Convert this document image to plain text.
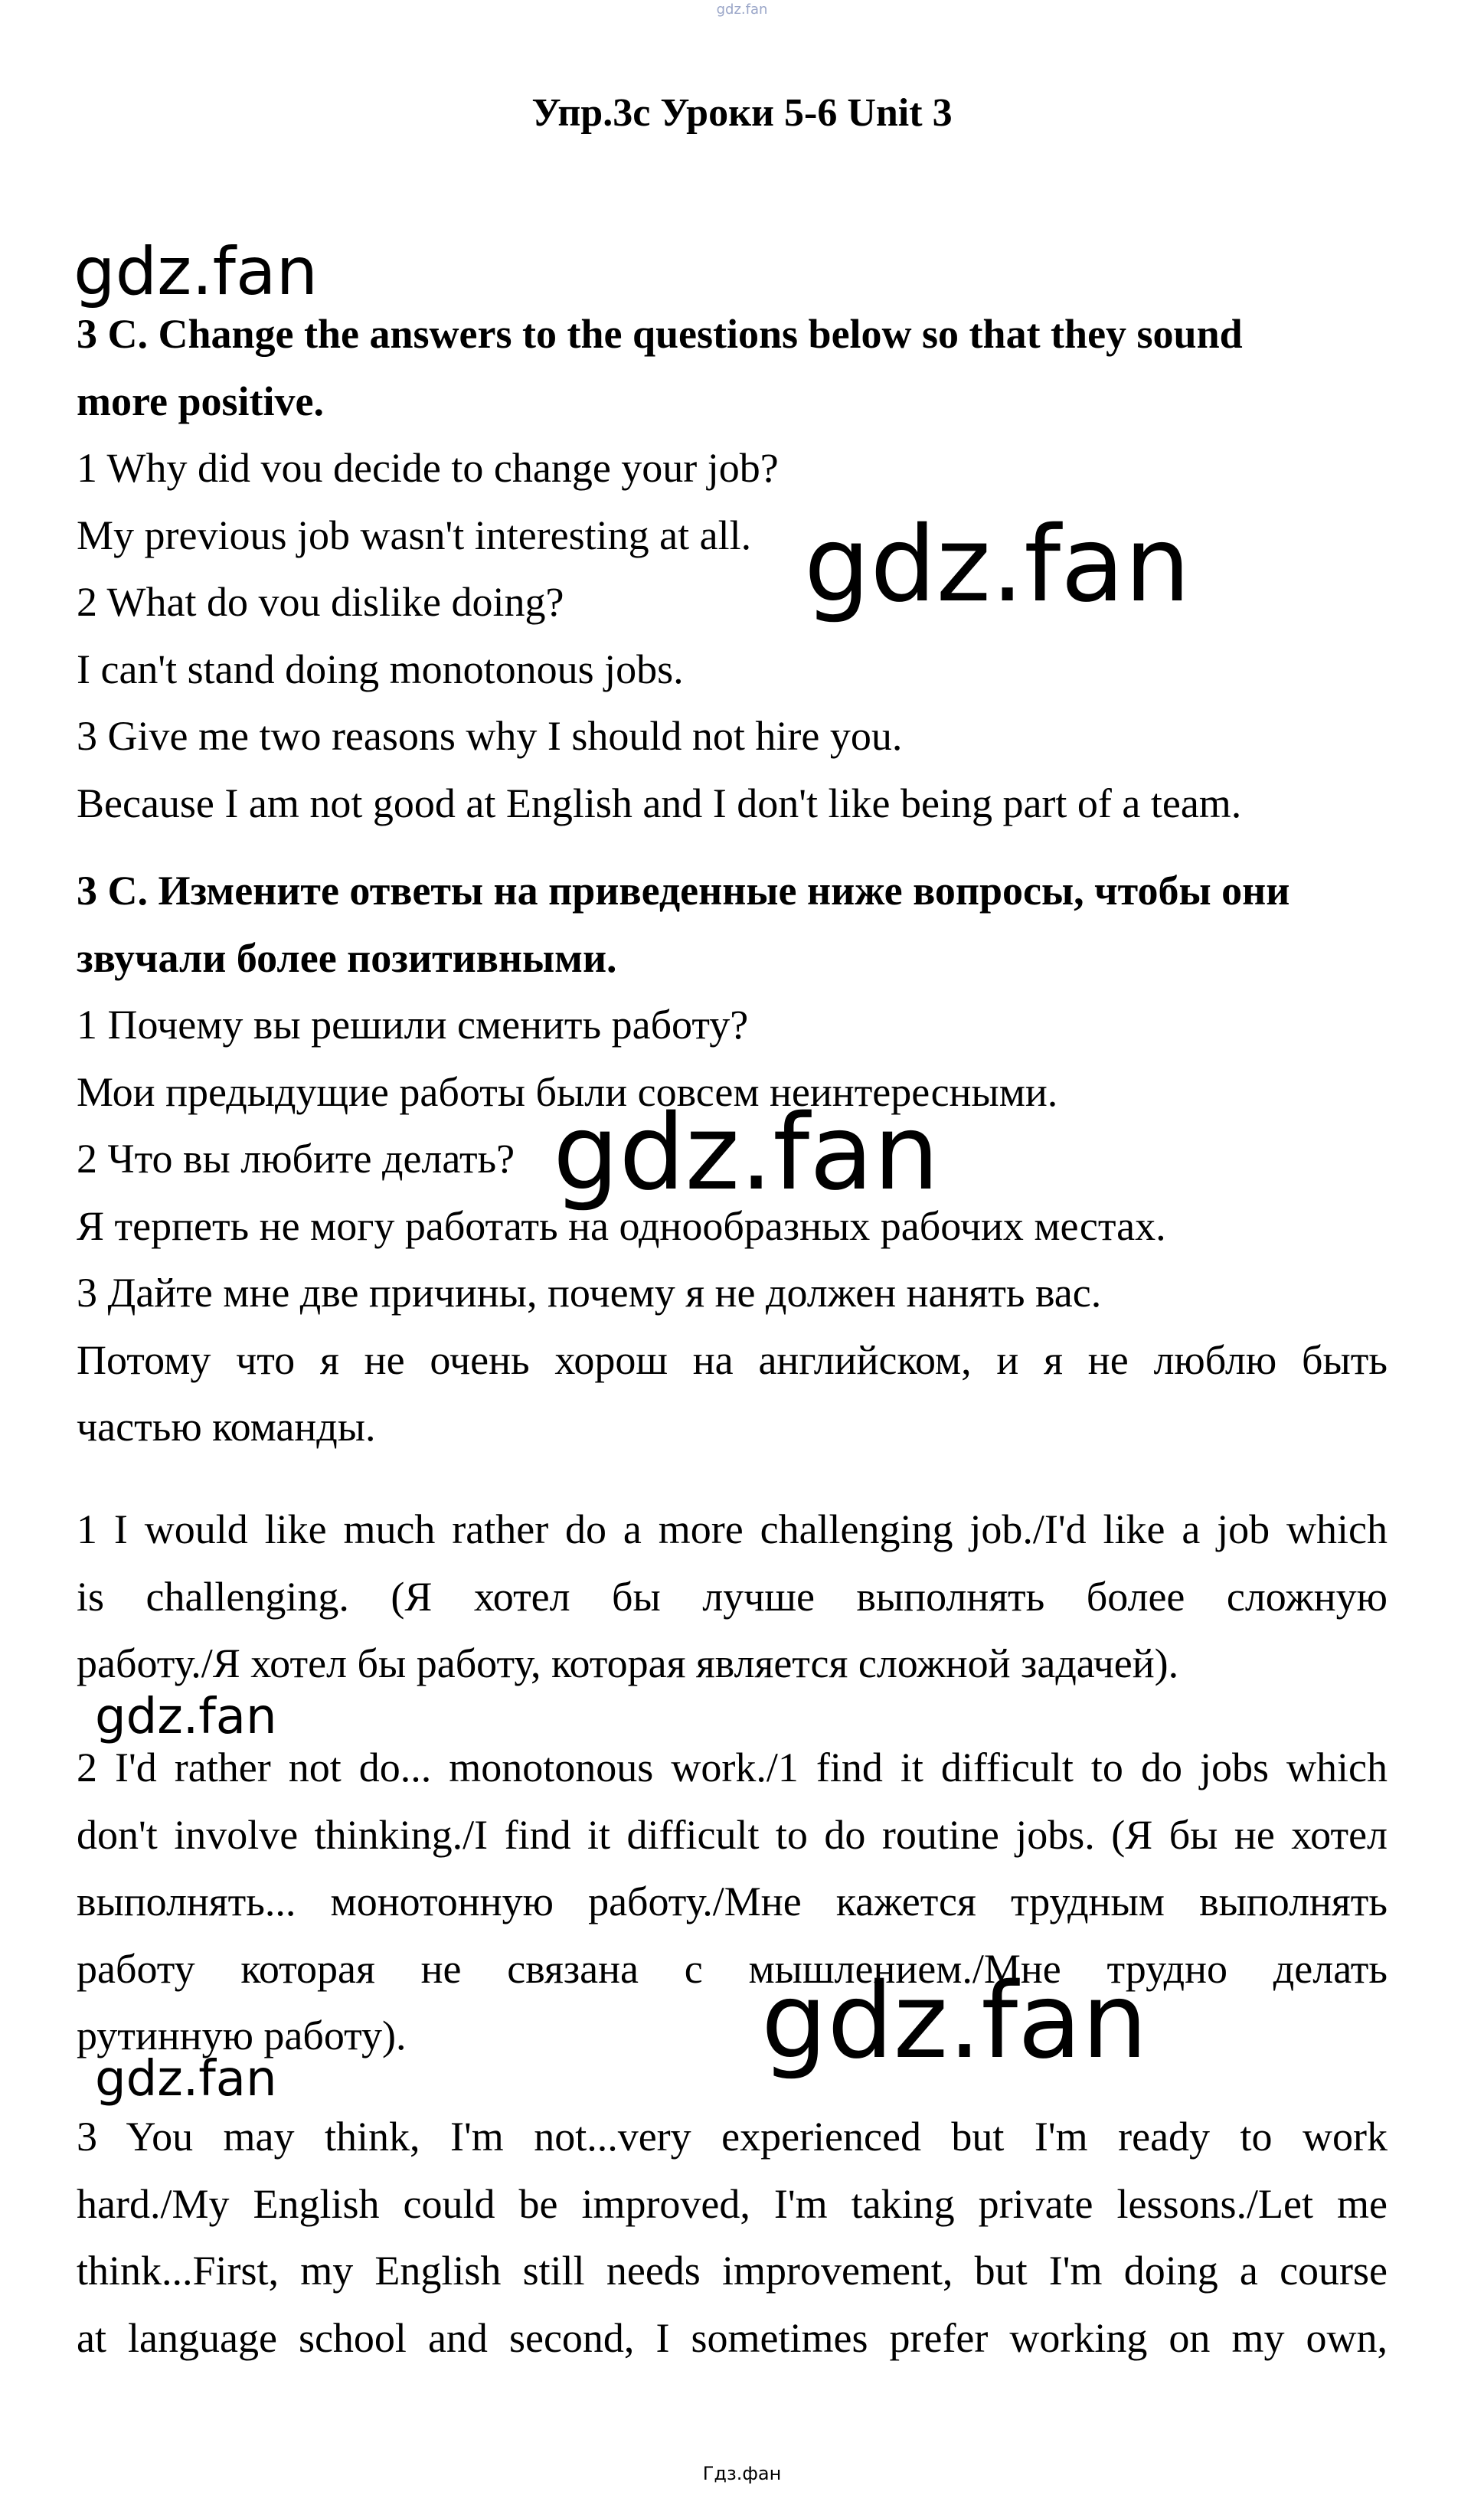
gdz.fan
Упр.3с Уроки 5-6 Unit 3
3 C. Change the answers to the questions below so that they sound
more positive.
1 Why did vou decide to change your job?
My previous job wasn't interesting at all.
2 What do vou dislike doing?
I can't stand doing monotonous jobs.
3 Give me two reasons why I should not hire you.
Because I am not good at English and I don't like being part of a team.
3 С. Измените ответы на приведенные ниже вопросы, чтобы они
звучали более позитивными.
1 Почему вы решили сменить работу?
Мои предыдущие работы были совсем неинтересными.
2 Что вы любите делать?
Я терпеть не могу работать на однообразных рабочих местах.
3 Дайте мне две причины, почему я не должен нанять вас.
Потому что я не очень хорош на английском, и я не люблю быть
частью команды.
1 I would like much rather do a more challenging job./I'd like a job which
is challenging. (Я хотел бы лучше выполнять более сложную
работу./Я хотел бы работу, которая является сложной задачей).
2 I'd rather not do... monotonous work./1 find it difficult to do jobs which
don't involve thinking./I find it difficult to do routine jobs. (Я бы не хотел
выполнять... монотонную работу./Мне кажется трудным выполнять
работу которая не связана с мышлением./Мне трудно делать
рутинную работу).
3 You may think, I'm not...very experienced but I'm ready to work
hard./My English could be improved, I'm taking private lessons./Let me
think...First, my English still needs improvement, but I'm doing a course
at language school and second, I sometimes prefer working on my own,
gdz.fan
gdz.fan
gdz.fan
gdz.fan
gdz.fan
gdz.fan
Гдз.фан
